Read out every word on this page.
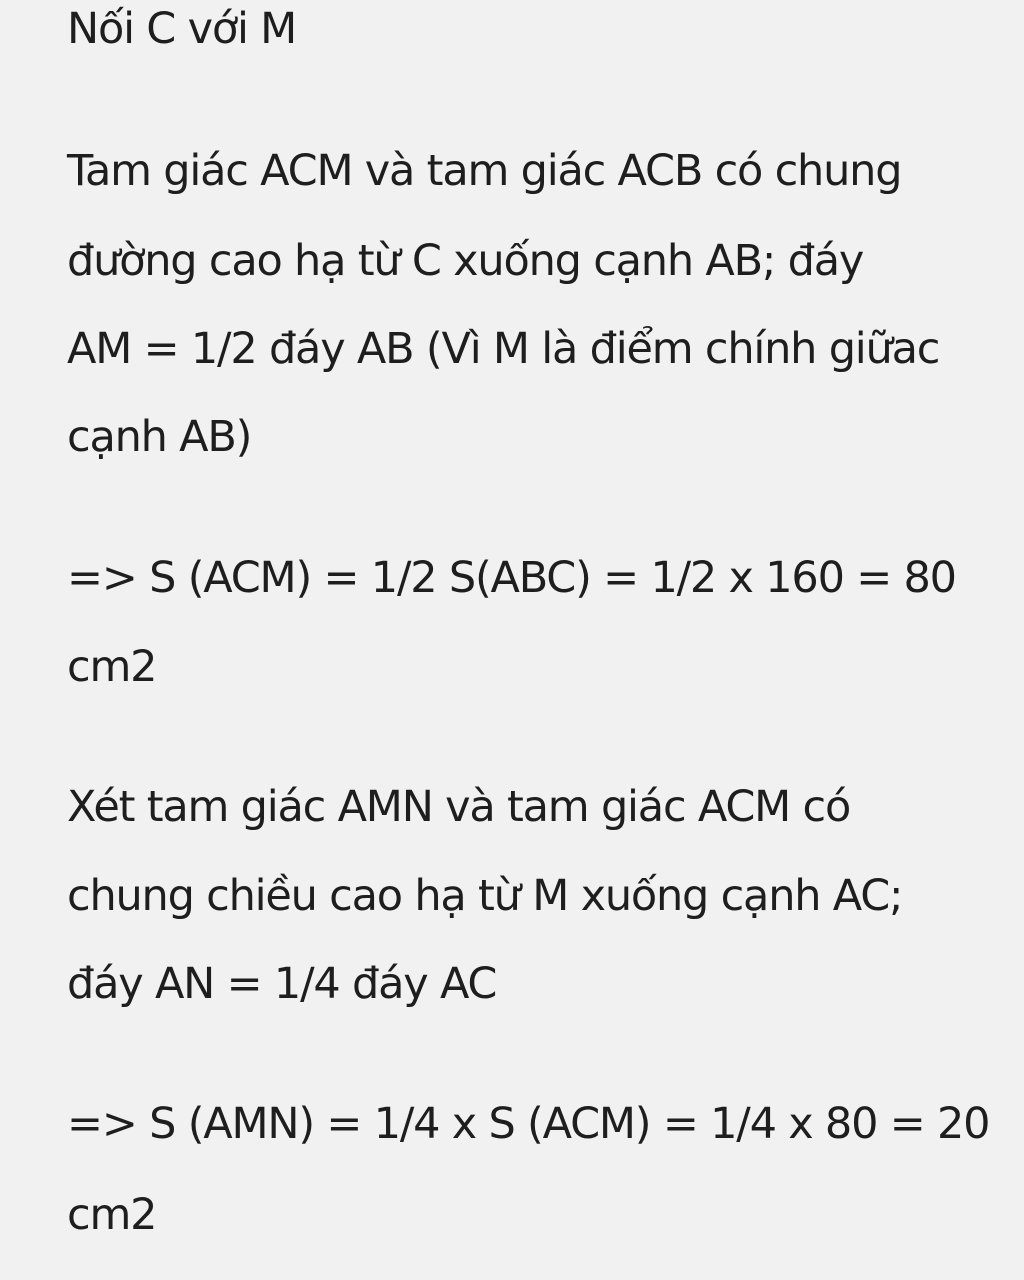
Nối C với M

Tam giác ACM và tam giác ACB có chung

đường cao hạ từ C xuống cạnh AB; đáy

AM = 1/2 đáy AB (Vì M là điểm chính giữac

cạnh AB)

=> S (ACM) = 1/2 S(ABC) = 1/2 x 160 = 80

cm2

Xét tam giác AMN và tam giác ACM có

chung chiều cao hạ từ M xuống cạnh AC;

đáy AN = 1/4 đáy AC

=> S (AMN) = 1/4 x S (ACM) = 1/4 x 80 = 20

cm2
